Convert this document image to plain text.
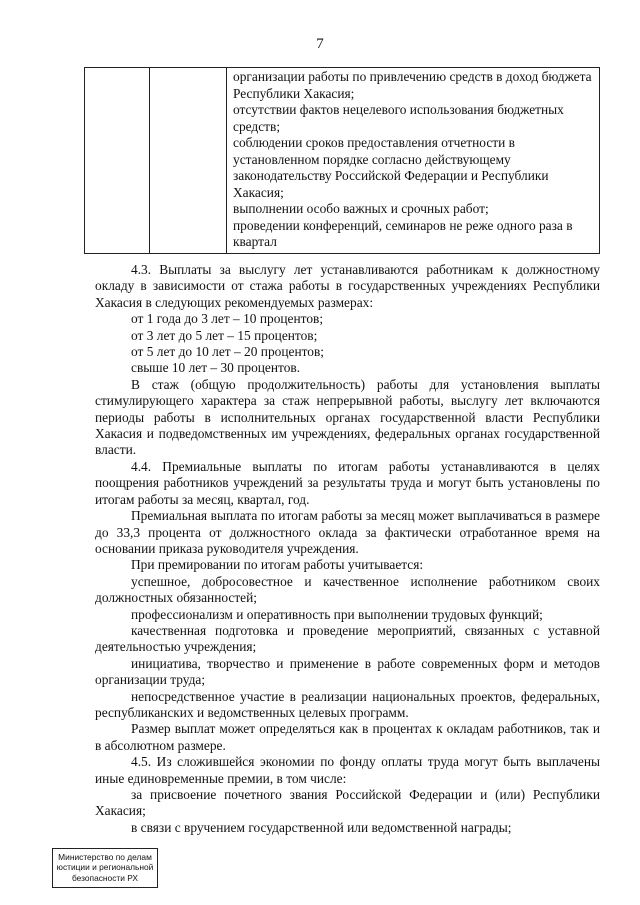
7

организации работы по привлечению средств в доход бюджета Республики Хакасия;

отсутствии фактов нецелевого использования бюджетных средств;

соблюдении сроков предоставления отчетности в установленном порядке согласно действующему законодательству Российской Федерации и Республики Хакасия;

выполнении особо важных и срочных работ;

проведении конференций, семинаров не реже одного раза в квартал

4.3. Выплаты за выслугу лет устанавливаются работникам к должностному окладу в зависимости от стажа работы в государственных учреждениях Республики Хакасия в следующих рекомендуемых размерах:

от 1 года до 3 лет – 10 процентов;

от 3 лет до 5 лет – 15 процентов;

от 5 лет до 10 лет – 20 процентов;

свыше 10 лет – 30 процентов.

В стаж (общую продолжительность) работы для установления выплаты стимулирующего характера за стаж непрерывной работы, выслугу лет включаются периоды работы в исполнительных органах государственной власти Республики Хакасия и подведомственных им учреждениях, федеральных органах государственной власти.

4.4. Премиальные выплаты по итогам работы устанавливаются в целях поощрения работников учреждений за результаты труда и могут быть установлены по итогам работы за месяц, квартал, год.

Премиальная выплата по итогам работы за месяц может выплачиваться в размере до 33,3 процента от должностного оклада за фактически отработанное время на основании приказа руководителя учреждения.

При премировании по итогам работы учитывается:

успешное, добросовестное и качественное исполнение работником своих должностных обязанностей;

профессионализм и оперативность при выполнении трудовых функций;

качественная подготовка и проведение мероприятий, связанных с уставной деятельностью учреждения;

инициатива, творчество и применение в работе современных форм и методов организации труда;

непосредственное участие в реализации национальных проектов, федеральных, республиканских и ведомственных целевых программ.

Размер выплат может определяться как в процентах к окладам работников, так и в абсолютном размере.

4.5. Из сложившейся экономии по фонду оплаты труда могут быть выплачены иные единовременные премии, в том числе:

за присвоение почетного звания Российской Федерации и (или) Республики Хакасия;

в связи с вручением государственной или ведомственной награды;

Министерство по делам
юстиции и региональной
безопасности РХ
